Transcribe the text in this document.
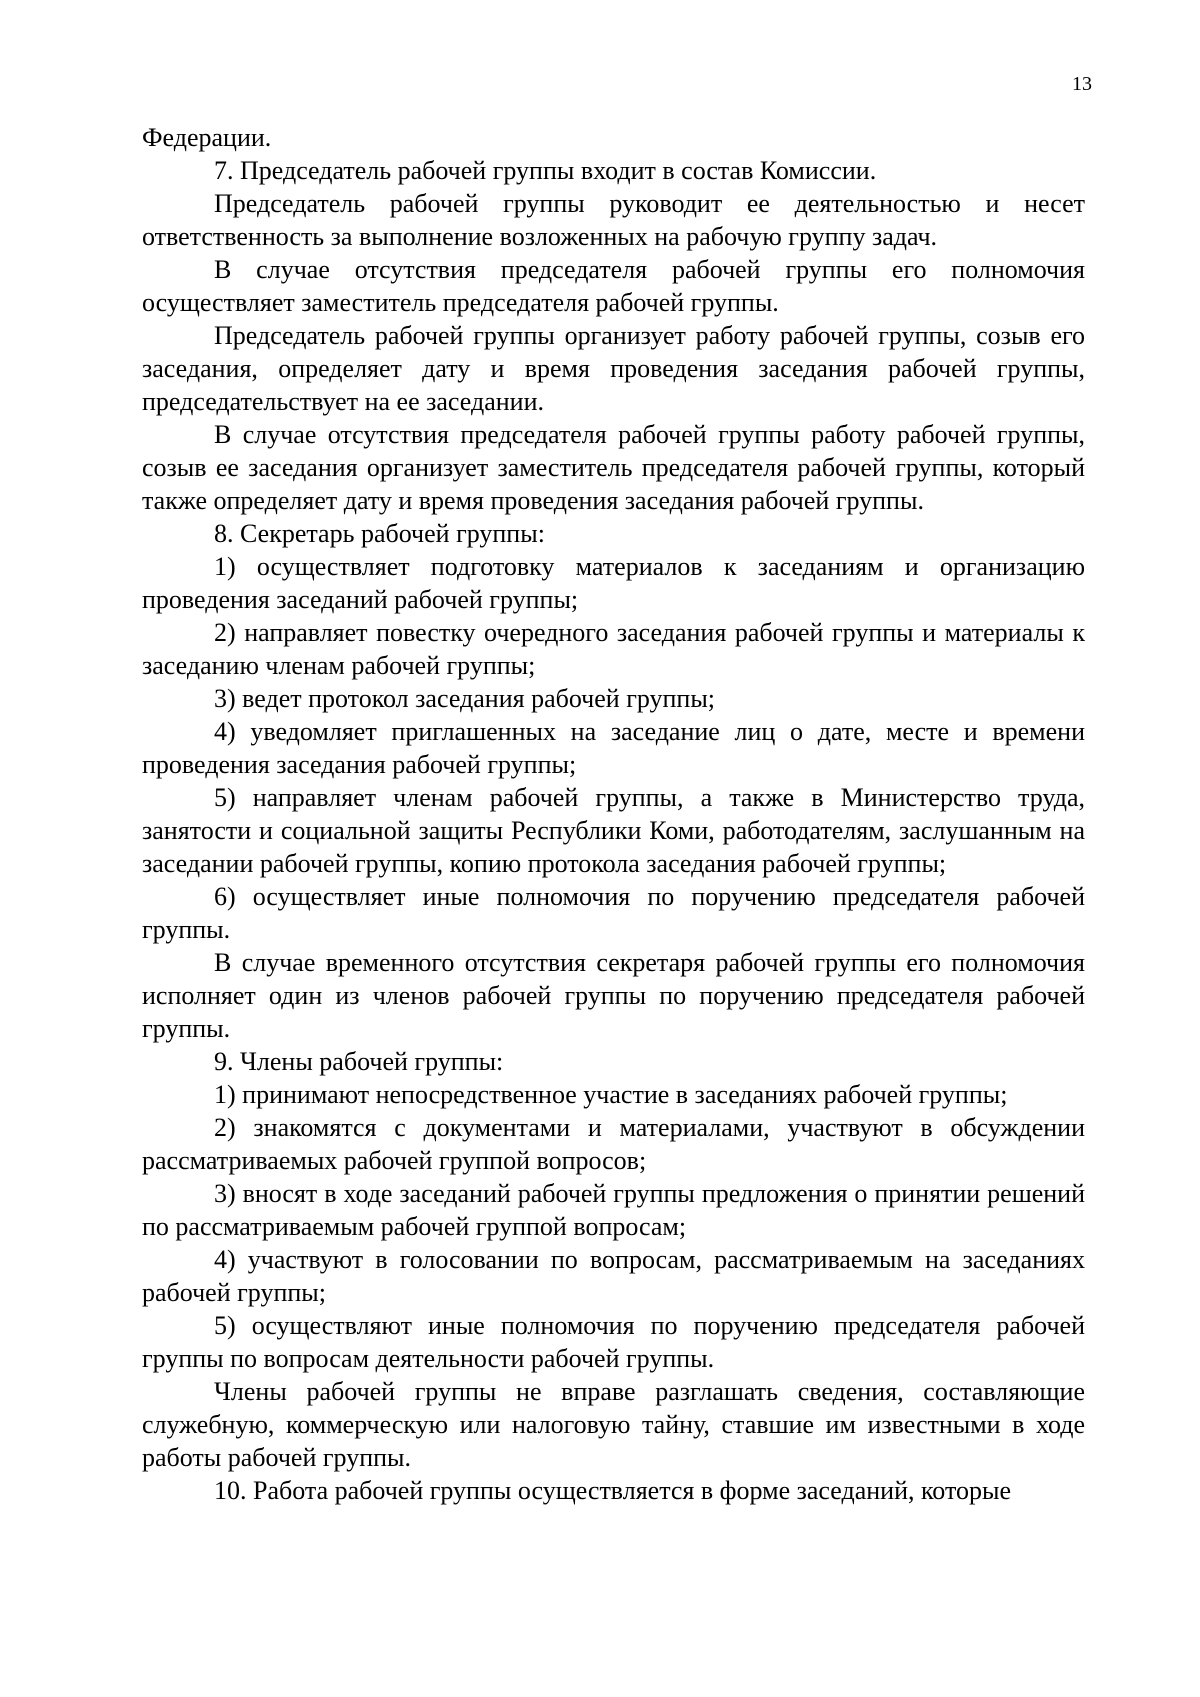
13

Федерации.

7. Председатель рабочей группы входит в состав Комиссии.

Председатель рабочей группы руководит ее деятельностью и несет ответственность за выполнение возложенных на рабочую группу задач.

В случае отсутствия председателя рабочей группы его полномочия осуществляет заместитель председателя рабочей группы.

Председатель рабочей группы организует работу рабочей группы, созыв его заседания, определяет дату и время проведения заседания рабочей группы, председательствует на ее заседании.

В случае отсутствия председателя рабочей группы работу рабочей группы, созыв ее заседания организует заместитель председателя рабочей группы, который также определяет дату и время проведения заседания рабочей группы.

8. Секретарь рабочей группы:

1) осуществляет подготовку материалов к заседаниям и организацию проведения заседаний рабочей группы;

2) направляет повестку очередного заседания рабочей группы и материалы к заседанию членам рабочей группы;

3) ведет протокол заседания рабочей группы;

4) уведомляет приглашенных на заседание лиц о дате, месте и времени проведения заседания рабочей группы;

5) направляет членам рабочей группы, а также в Министерство труда, занятости и социальной защиты Республики Коми, работодателям, заслушанным на заседании рабочей группы, копию протокола заседания рабочей группы;

6) осуществляет иные полномочия по поручению председателя рабочей группы.

В случае временного отсутствия секретаря рабочей группы его полномочия исполняет один из членов рабочей группы по поручению председателя рабочей группы.

9. Члены рабочей группы:

1) принимают непосредственное участие в заседаниях рабочей группы;

2) знакомятся с документами и материалами, участвуют в обсуждении рассматриваемых рабочей группой вопросов;

3) вносят в ходе заседаний рабочей группы предложения о принятии решений по рассматриваемым рабочей группой вопросам;

4) участвуют в голосовании по вопросам, рассматриваемым на заседаниях рабочей группы;

5) осуществляют иные полномочия по поручению председателя рабочей группы по вопросам деятельности рабочей группы.

Члены рабочей группы не вправе разглашать сведения, составляющие служебную, коммерческую или налоговую тайну, ставшие им известными в ходе работы рабочей группы.

10. Работа рабочей группы осуществляется в форме заседаний, которые
